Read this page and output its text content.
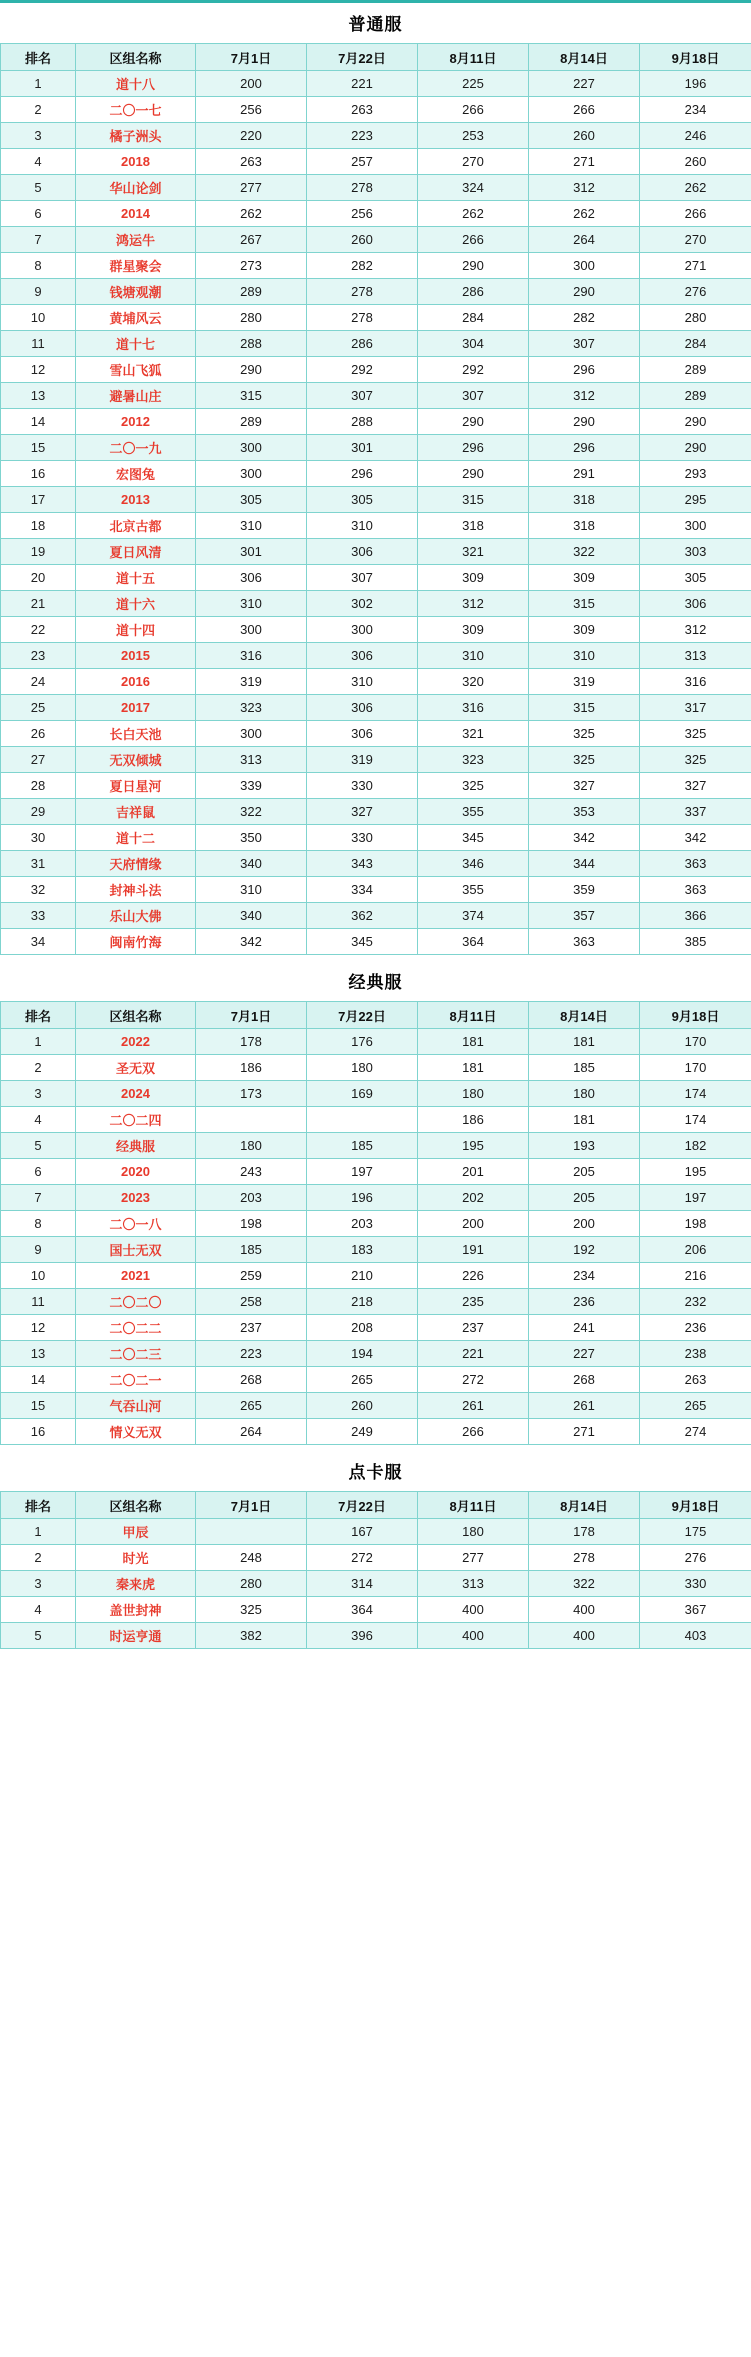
普通服
排名	区组名称	7月1日	7月22日	8月11日	8月14日	9月18日
1	道十八	200	221	225	227	196
2	二〇一七	256	263	266	266	234
3	橘子洲头	220	223	253	260	246
4	2018	263	257	270	271	260
5	华山论剑	277	278	324	312	262
6	2014	262	256	262	262	266
7	鸿运牛	267	260	266	264	270
8	群星聚会	273	282	290	300	271
9	钱塘观潮	289	278	286	290	276
10	黄埔风云	280	278	284	282	280
11	道十七	288	286	304	307	284
12	雪山飞狐	290	292	292	296	289
13	避暑山庄	315	307	307	312	289
14	2012	289	288	290	290	290
15	二〇一九	300	301	296	296	290
16	宏图兔	300	296	290	291	293
17	2013	305	305	315	318	295
18	北京古都	310	310	318	318	300
19	夏日风清	301	306	321	322	303
20	道十五	306	307	309	309	305
21	道十六	310	302	312	315	306
22	道十四	300	300	309	309	312
23	2015	316	306	310	310	313
24	2016	319	310	320	319	316
25	2017	323	306	316	315	317
26	长白天池	300	306	321	325	325
27	无双倾城	313	319	323	325	325
28	夏日星河	339	330	325	327	327
29	吉祥鼠	322	327	355	353	337
30	道十二	350	330	345	342	342
31	天府情缘	340	343	346	344	363
32	封神斗法	310	334	355	359	363
33	乐山大佛	340	362	374	357	366
34	闽南竹海	342	345	364	363	385
经典服
排名	区组名称	7月1日	7月22日	8月11日	8月14日	9月18日
1	2022	178	176	181	181	170
2	圣无双	186	180	181	185	170
3	2024	173	169	180	180	174
4	二〇二四			186	181	174
5	经典服	180	185	195	193	182
6	2020	243	197	201	205	195
7	2023	203	196	202	205	197
8	二〇一八	198	203	200	200	198
9	国士无双	185	183	191	192	206
10	2021	259	210	226	234	216
11	二〇二〇	258	218	235	236	232
12	二〇二二	237	208	237	241	236
13	二〇二三	223	194	221	227	238
14	二〇二一	268	265	272	268	263
15	气吞山河	265	260	261	261	265
16	情义无双	264	249	266	271	274
点卡服
排名	区组名称	7月1日	7月22日	8月11日	8月14日	9月18日
1	甲辰		167	180	178	175
2	时光	248	272	277	278	276
3	秦来虎	280	314	313	322	330
4	盖世封神	325	364	400	400	367
5	时运亨通	382	396	400	400	403
